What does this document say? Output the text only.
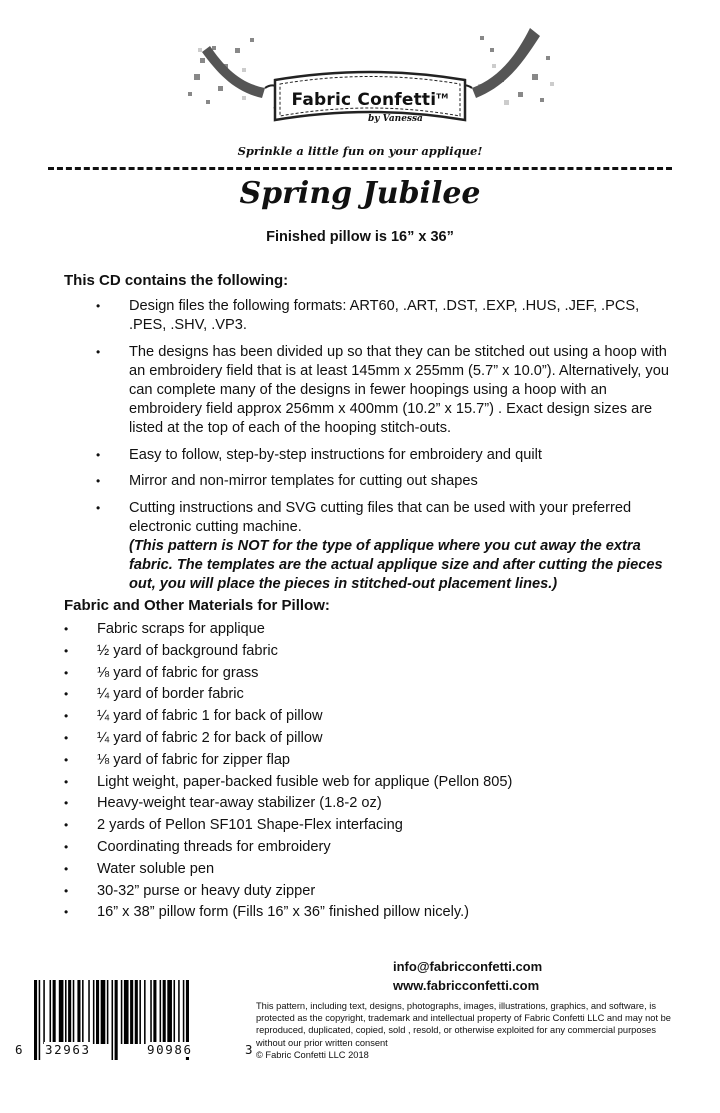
Fabric Confetti™
by Vanessa
Sprinkle a little fun on your applique!
Spring Jubilee
Finished pillow is 16” x 36”
This CD contains the following:
• Design files the following formats: ART60, .ART, .DST, .EXP, .HUS, .JEF, .PCS, .PES, .SHV, .VP3.
• The designs has been divided up so that they can be stitched out using a hoop with an embroidery field that is at least 145mm x 255mm (5.7” x 10.0”). Alternatively, you can complete many of the designs in fewer hoopings using a hoop with an embroidery field approx 256mm x 400mm (10.2” x 15.7”) . Exact design sizes are listed at the top of each of the hooping stitch-outs.
• Easy to follow, step-by-step instructions for embroidery and quilt
• Mirror and non-mirror templates for cutting out shapes
• Cutting instructions and SVG cutting files that can be used with your preferred electronic cutting machine.
(This pattern is NOT for the type of applique where you cut away the extra fabric. The templates are the actual applique size and after cutting the pieces out, you will place the pieces in stitched-out placement lines.)
Fabric and Other Materials for Pillow:
• Fabric scraps for applique
• ½ yard of background fabric
• ⅛ yard of fabric for grass
• ¼ yard of border fabric
• ¼ yard of fabric 1 for back of pillow
• ¼ yard of fabric 2 for back of pillow
• ⅛ yard of fabric for zipper flap
• Light weight, paper-backed fusible web for applique (Pellon 805)
• Heavy-weight tear-away stabilizer (1.8-2 oz)
• 2 yards of Pellon SF101 Shape-Flex interfacing
• Coordinating threads for embroidery
• Water soluble pen
• 30-32” purse or heavy duty zipper
• 16” x 38” pillow form (Fills 16” x 36” finished pillow nicely.)
info@fabricconfetti.com
www.fabricconfetti.com
6 32963	90986	3
This pattern, including text, designs, photographs, images, illustrations, graphics, and software, is protected as the copyright, trademark and intellectual property of Fabric Confetti LLC and may not be reproduced, duplicated, copied, sold , resold, or otherwise exploited for any commercial purposes without our prior written consent
© Fabric Confetti LLC 2018
